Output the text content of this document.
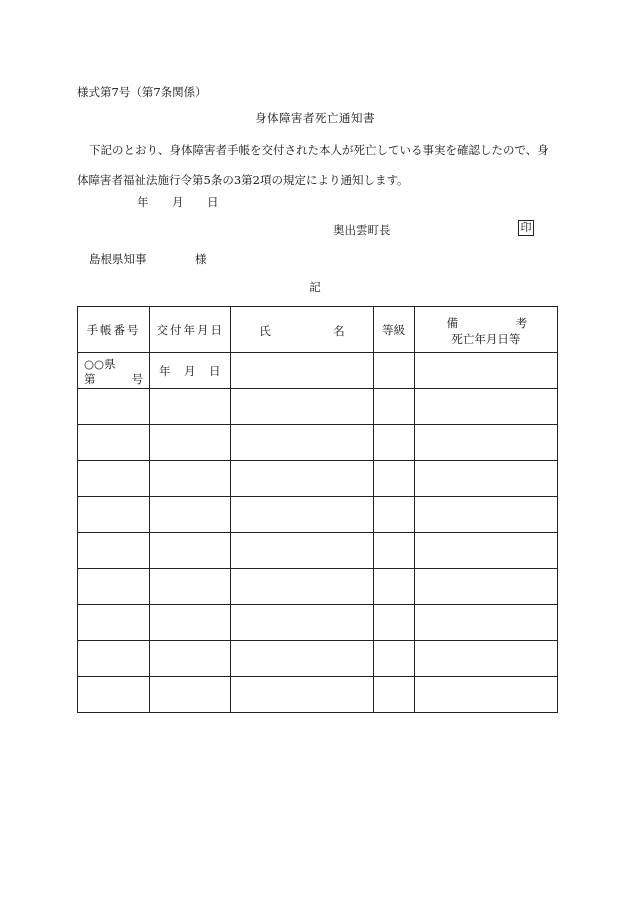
様式第7号（第7条関係）
身体障害者死亡通知書
下記のとおり、身体障害者手帳を交付された本人が死亡している事実を確認したので、身
体障害者福祉法施行令第5条の3第2項の規定により通知します。
年 月 日
奥出雲町長	印
島根県知事	様
記
手帳番号	交付年月日	氏 名	等級	備 考
死亡年月日等

○○県
第 号	年　月　日			
